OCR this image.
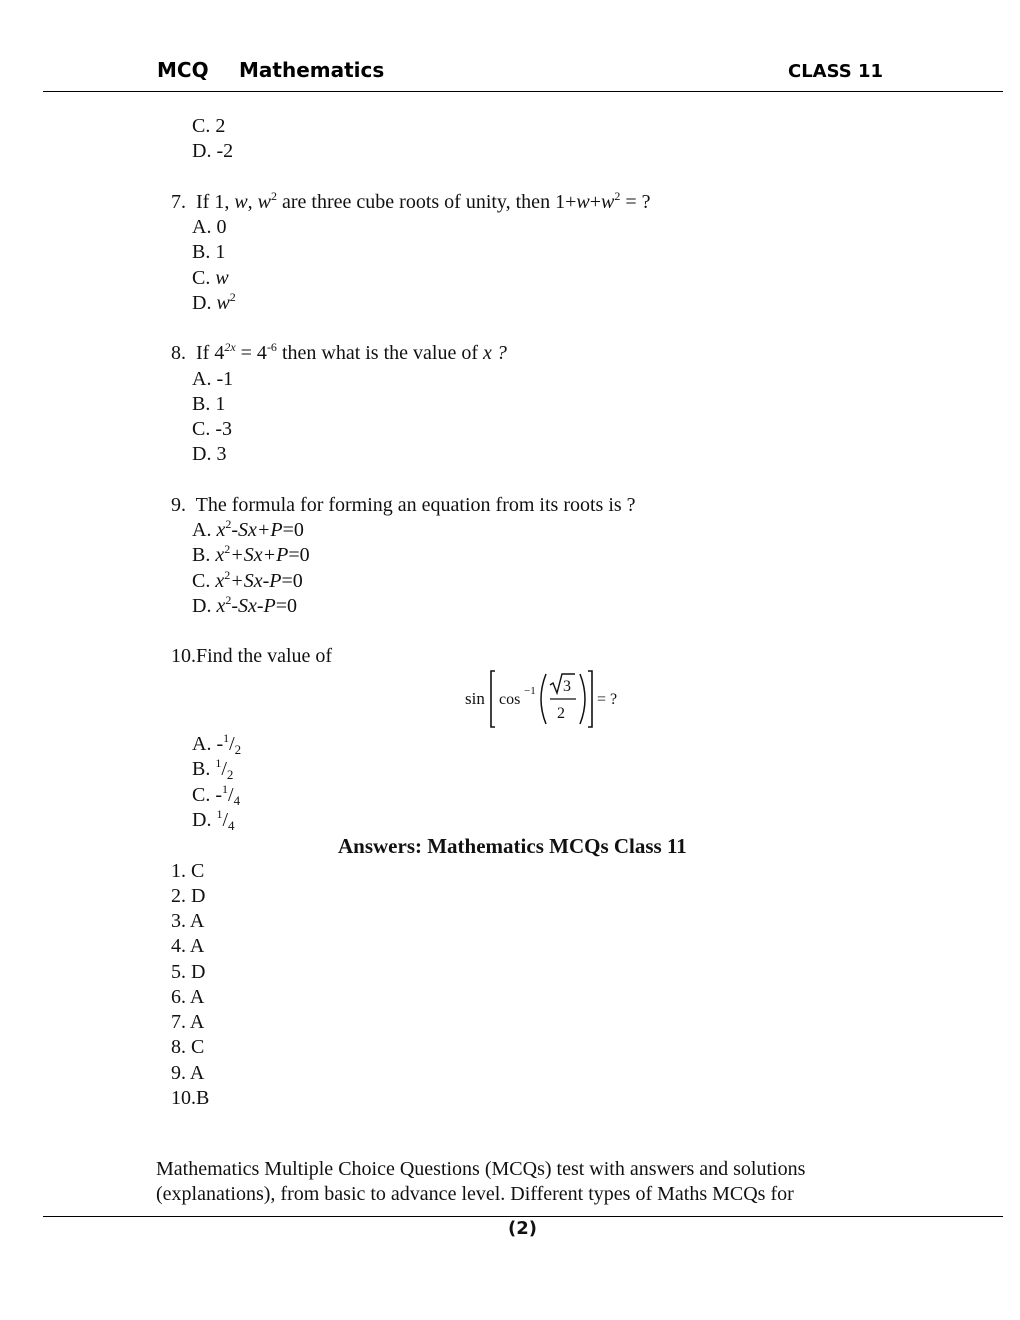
MCQ Mathematics	CLASS 11
C. 2
D. -2
7. If 1, w, $w^2$ are three cube roots of unity, then $1+w+w^2$ = ?
A. 0
B. 1
C. w
D. $w^2$
8. If $4^{2x} = 4^{-6}$ then what is the value of x ?
A. -1
B. 1
C. -3
D. 3
9. The formula for forming an equation from its roots is ?
A. $x^2-Sx+P=0$
B. $x^2+Sx+P=0$
C. $x^2+Sx-P=0$
D. $x^2-Sx-P=0$
10.Find the value of
sin cos −1 3
2
= ?
A. $-^1/_2$
B. $^1/_2$
C. $-^1/_4$
D. $^1/_4$
Answers: Mathematics MCQs Class 11
1. C
2. D
3. A
4. A
5. D
6. A
7. A
8. C
9. A
10.B
Mathematics Multiple Choice Questions (MCQs) test with answers and solutions
(explanations), from basic to advance level. Different types of Maths MCQs for
(2)
